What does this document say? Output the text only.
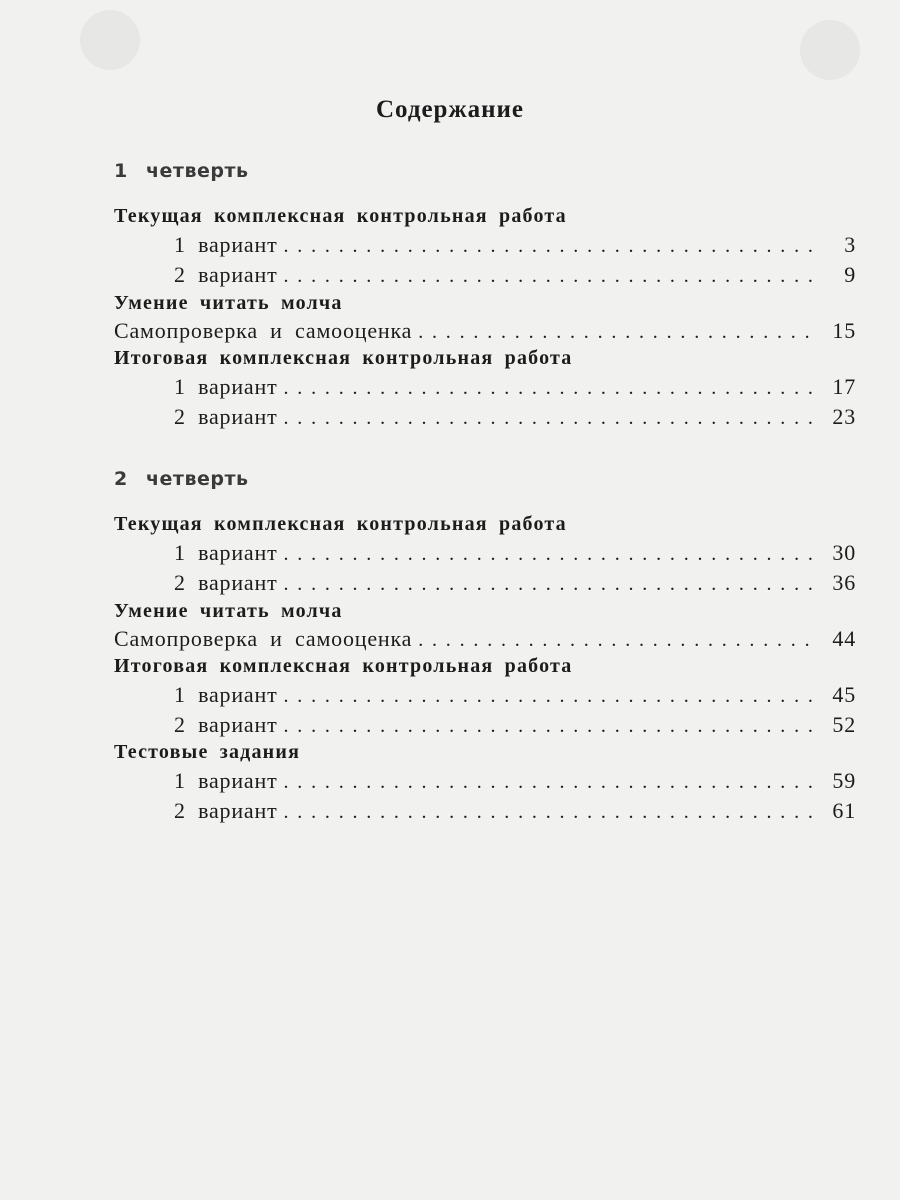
Содержание
1 четверть
Текущая комплексная контрольная работа
1 вариант . . .	3
2 вариант . . .	9
Умение читать молча
Самопроверка и самооценка . . .	15
Итоговая комплексная контрольная работа
1 вариант . . .	17
2 вариант . . .	23
2 четверть
Текущая комплексная контрольная работа
1 вариант . . .	30
2 вариант . . .	36
Умение читать молча
Самопроверка и самооценка . . .	44
Итоговая комплексная контрольная работа
1 вариант . . .	45
2 вариант . . .	52
Тестовые задания
1 вариант . . .	59
2 вариант . . .	61
